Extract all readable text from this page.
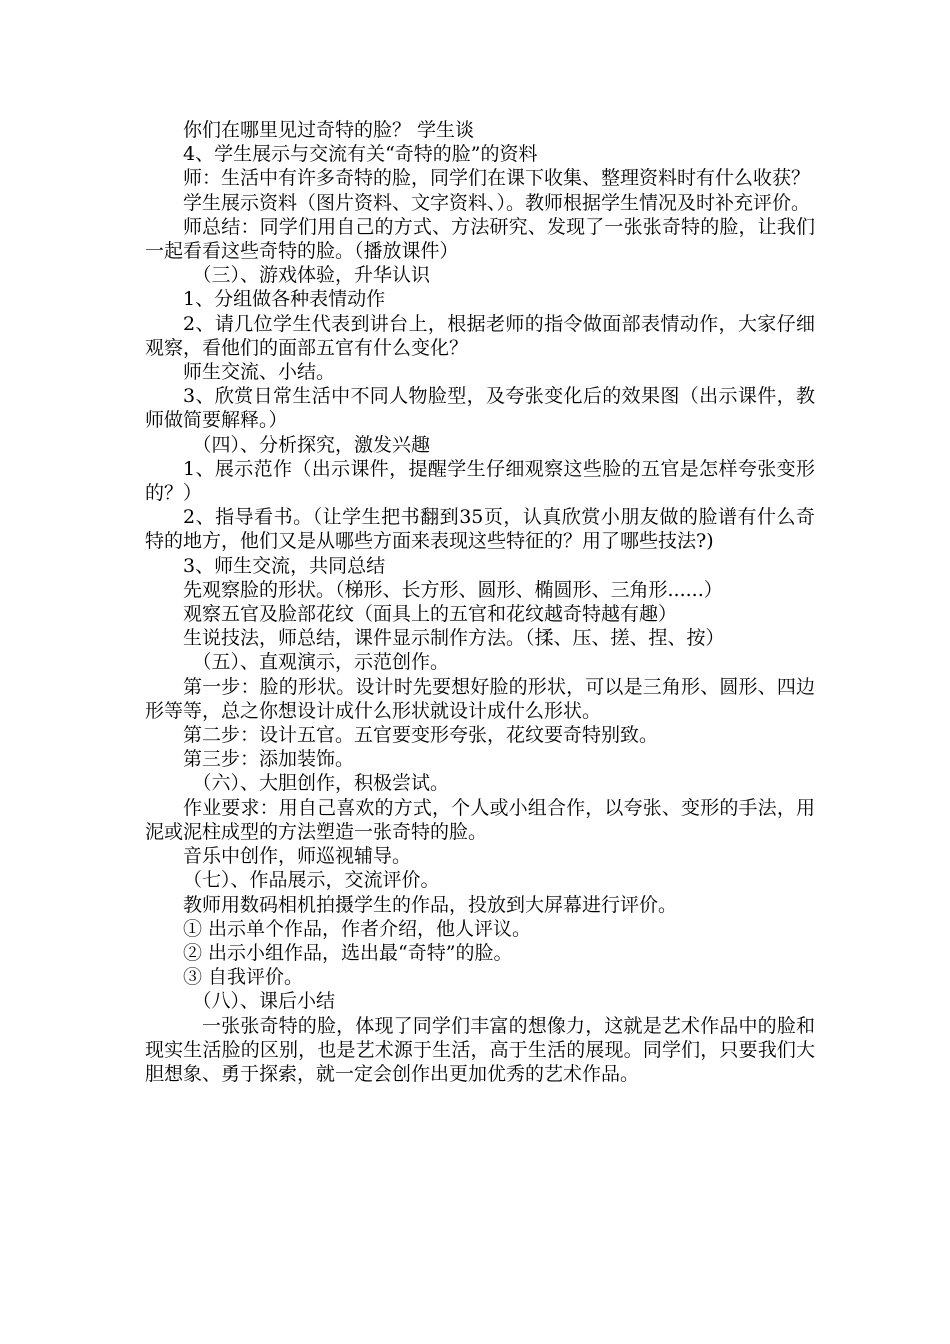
你们在哪里见过奇特的脸？ 学生谈

4、学生展示与交流有关“奇特的脸”的资料

师：生活中有许多奇特的脸，同学们在课下收集、整理资料时有什么收获？

学生展示资料（图片资料、文字资料、）。教师根据学生情况及时补充评价。

师总结：同学们用自己的方式、方法研究、发现了一张张奇特的脸，让我们一起看看这些奇特的脸。（播放课件）

（三）、游戏体验，升华认识

1、分组做各种表情动作

2、请几位学生代表到讲台上，根据老师的指令做面部表情动作，大家仔细观察，看他们的面部五官有什么变化？

师生交流、小结。

3、欣赏日常生活中不同人物脸型，及夸张变化后的效果图（出示课件，教师做简要解释。）

（四）、分析探究，激发兴趣

1、展示范作（出示课件，提醒学生仔细观察这些脸的五官是怎样夸张变形的？）

2、指导看书。（让学生把书翻到35页，认真欣赏小朋友做的脸谱有什么奇特的地方，他们又是从哪些方面来表现这些特征的？用了哪些技法?)

3、师生交流，共同总结

先观察脸的形状。（梯形、长方形、圆形、椭圆形、三角形......）

观察五官及脸部花纹（面具上的五官和花纹越奇特越有趣）

生说技法，师总结，课件显示制作方法。（揉、压、搓、捏、按）

（五）、直观演示，示范创作。

第一步：脸的形状。设计时先要想好脸的形状，可以是三角形、圆形、四边形等等，总之你想设计成什么形状就设计成什么形状。

第二步：设计五官。五官要变形夸张，花纹要奇特别致。

第三步：添加装饰。

（六）、大胆创作，积极尝试。

作业要求：用自己喜欢的方式，个人或小组合作，以夸张、变形的手法，用泥或泥柱成型的方法塑造一张奇特的脸。

音乐中创作，师巡视辅导。

（七）、作品展示，交流评价。

教师用数码相机拍摄学生的作品，投放到大屏幕进行评价。

① 出示单个作品，作者介绍，他人评议。

② 出示小组作品，选出最“奇特”的脸。

③ 自我评价。

（八）、课后小结

一张张奇特的脸，体现了同学们丰富的想像力，这就是艺术作品中的脸和现实生活脸的区别，也是艺术源于生活，高于生活的展现。同学们，只要我们大胆想象、勇于探索，就一定会创作出更加优秀的艺术作品。
